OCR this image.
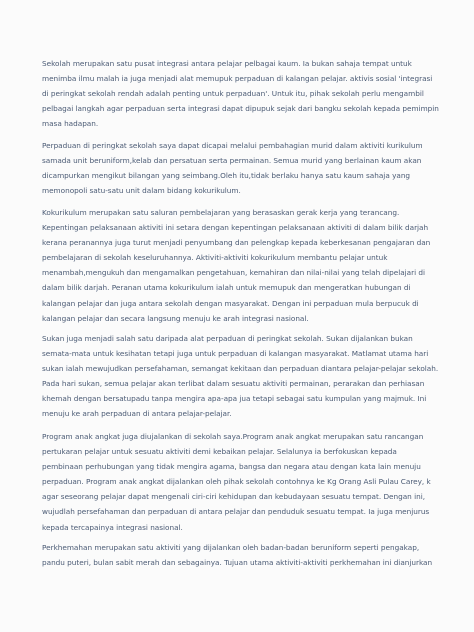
Sekolah merupakan satu pusat integrasi antara pelajar pelbagai kaum. Ia bukan sahaja tempat untuk
menimba ilmu malah ia juga menjadi alat memupuk perpaduan di kalangan pelajar. aktivis sosial 'integrasi
di peringkat sekolah rendah adalah penting untuk perpaduan'. Untuk itu, pihak sekolah perlu mengambil
pelbagai langkah agar perpaduan serta integrasi dapat dipupuk sejak dari bangku sekolah kepada pemimpin
masa hadapan.
Perpaduan di peringkat sekolah saya dapat dicapai melalui pembahagian murid dalam aktiviti kurikulum
samada unit beruniform,kelab dan persatuan serta permainan. Semua murid yang berlainan kaum akan
dicampurkan mengikut bilangan yang seimbang.Oleh itu,tidak berlaku hanya satu kaum sahaja yang
memonopoli satu-satu unit dalam bidang kokurikulum.
Kokurikulum merupakan satu saluran pembelajaran yang berasaskan gerak kerja yang terancang.
Kepentingan pelaksanaan aktiviti ini setara dengan kepentingan pelaksanaan aktiviti di dalam bilik darjah
kerana peranannya juga turut menjadi penyumbang dan pelengkap kepada keberkesanan pengajaran dan
pembelajaran di sekolah keseluruhannya. Aktiviti-aktiviti kokurikulum membantu pelajar untuk
menambah,mengukuh dan mengamalkan pengetahuan, kemahiran dan nilai-nilai yang telah dipelajari di
dalam bilik darjah. Peranan utama kokurikulum ialah untuk memupuk dan mengeratkan hubungan di
kalangan pelajar dan juga antara sekolah dengan masyarakat. Dengan ini perpaduan mula berpucuk di
kalangan pelajar dan secara langsung menuju ke arah integrasi nasional.
Sukan juga menjadi salah satu daripada alat perpaduan di peringkat sekolah. Sukan dijalankan bukan
semata-mata untuk kesihatan tetapi juga untuk perpaduan di kalangan masyarakat. Matlamat utama hari
sukan ialah mewujudkan persefahaman, semangat kekitaan dan perpaduan diantara pelajar-pelajar sekolah.
Pada hari sukan, semua pelajar akan terlibat dalam sesuatu aktiviti permainan, perarakan dan perhiasan
khemah dengan bersatupadu tanpa mengira apa-apa jua tetapi sebagai satu kumpulan yang majmuk. Ini
menuju ke arah perpaduan di antara pelajar-pelajar.
Program anak angkat juga diujalankan di sekolah saya.Program anak angkat merupakan satu rancangan
pertukaran pelajar untuk sesuatu aktiviti demi kebaikan pelajar. Selalunya ia berfokuskan kepada
pembinaan perhubungan yang tidak mengira agama, bangsa dan negara atau dengan kata lain menuju
perpaduan. Program anak angkat dijalankan oleh pihak sekolah contohnya ke Kg Orang Asli Pulau Carey, k
agar seseorang pelajar dapat mengenali ciri-ciri kehidupan dan kebudayaan sesuatu tempat. Dengan ini,
wujudlah persefahaman dan perpaduan di antara pelajar dan penduduk sesuatu tempat. Ia juga menjurus
kepada tercapainya integrasi nasional.
Perkhemahan merupakan satu aktiviti yang dijalankan oleh badan-badan beruniform seperti pengakap,
pandu puteri, bulan sabit merah dan sebagainya. Tujuan utama aktiviti-aktiviti perkhemahan ini dianjurkan
